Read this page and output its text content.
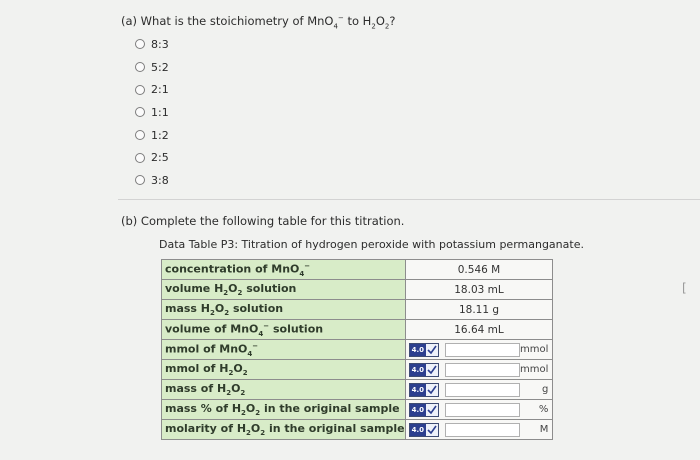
(a) What is the stoichiometry of MnO$_4$− to $H_2O_2$?
8:3
5:2
2:1
1:1
1:2
2:5
3:8
(b) Complete the following table for this titration.
Data Table P3: Titration of hydrogen peroxide with potassium permanganate.
concentration of MnO$_4$−	0.546 M
volume $H_2O_2$ solution	18.03 mL
mass $H_2O_2$ solution	18.11 g
volume of MnO$_4$− solution	16.64 mL
mmol of MnO$_4$−	4.0 mmol

mmol of $H_2O_2$	4.0 mmol

mass of $H_2O_2$	4.0 g

mass % of $H_2O_2$ in the original sample	4.0 %

molarity of $H_2O_2$ in the original sample	4.0 M
[
